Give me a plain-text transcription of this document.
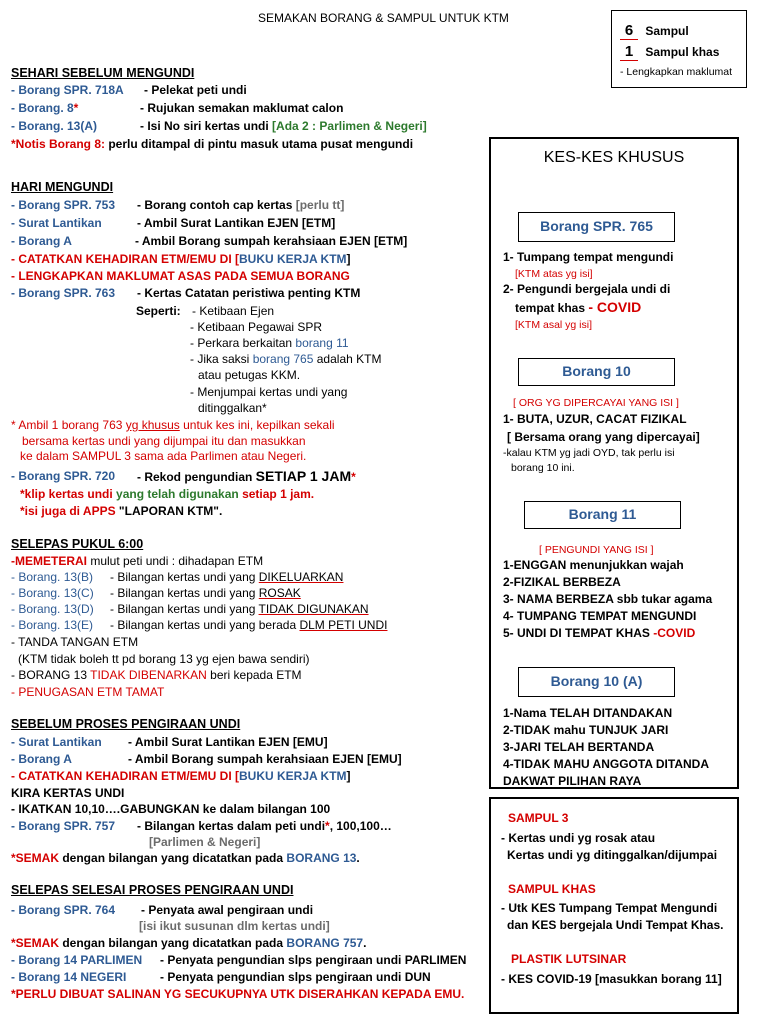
SEMAKAN BORANG & SAMPUL UNTUK KTM
6 Sampul
1 Sampul khas
- Lengkapkan maklumat
SEHARI SEBELUM MENGUNDI
- Borang SPR. 718A - Pelekat peti undi
- Borang. 8*	- Rujukan semakan maklumat calon
- Borang. 13(A)	- Isi No siri kertas undi [Ada 2 : Parlimen & Negeri]
*Notis Borang 8: perlu ditampal di pintu masuk utama pusat mengundi
HARI MENGUNDI
- Borang SPR. 753 - Borang contoh cap kertas [perlu tt]
- Surat Lantikan	- Ambil Surat Lantikan EJEN [ETM]
- Borang A	- Ambil Borang sumpah kerahsiaan EJEN [ETM]
- CATATKAN KEHADIRAN ETM/EMU DI [BUKU KERJA KTM]
- LENGKAPKAN MAKLUMAT ASAS PADA SEMUA BORANG
- Borang SPR. 763 - Kertas Catatan peristiwa penting KTM
Seperti: - Ketibaan Ejen
- Ketibaan Pegawai SPR
- Perkara berkaitan borang 11
- Jika saksi borang 765 adalah KTM
atau petugas KKM.
- Menjumpai kertas undi yang
ditinggalkan*
* Ambil 1 borang 763 yg khusus untuk kes ini, kepilkan sekali
bersama kertas undi yang dijumpai itu dan masukkan
ke dalam SAMPUL 3 sama ada Parlimen atau Negeri.
- Borang SPR. 720 - Rekod pengundian SETIAP 1 JAM*
*klip kertas undi yang telah digunakan setiap 1 jam.
*isi juga di APPS "LAPORAN KTM".
SELEPAS PUKUL 6:00
-MEMETERAI mulut peti undi : dihadapan ETM
- Borang. 13(B) - Bilangan kertas undi yang DIKELUARKAN
- Borang. 13(C) - Bilangan kertas undi yang ROSAK
- Borang. 13(D) - Bilangan kertas undi yang TIDAK DIGUNAKAN
- Borang. 13(E) - Bilangan kertas undi yang berada DLM PETI UNDI
- TANDA TANGAN ETM
(KTM tidak boleh tt pd borang 13 yg ejen bawa sendiri)
- BORANG 13 TIDAK DIBENARKAN beri kepada ETM
- PENUGASAN ETM TAMAT
SEBELUM PROSES PENGIRAAN UNDI
- Surat Lantikan - Ambil Surat Lantikan EJEN [EMU]
- Borang A	- Ambil Borang sumpah kerahsiaan EJEN [EMU]
- CATATKAN KEHADIRAN ETM/EMU DI [BUKU KERJA KTM]
KIRA KERTAS UNDI
- IKATKAN 10,10….GABUNGKAN ke dalam bilangan 100
- Borang SPR. 757 - Bilangan kertas dalam peti undi*, 100,100…
[Parlimen & Negeri]
*SEMAK dengan bilangan yang dicatatkan pada BORANG 13.
SELEPAS SELESAI PROSES PENGIRAAN UNDI
- Borang SPR. 764 - Penyata awal pengiraan undi
[isi ikut susunan dlm kertas undi]
*SEMAK dengan bilangan yang dicatatkan pada BORANG 757.
- Borang 14 PARLIMEN - Penyata pengundian slps pengiraan undi PARLIMEN
- Borang 14 NEGERI	- Penyata pengundian slps pengiraan undi DUN
*PERLU DIBUAT SALINAN YG SECUKUPNYA UTK DISERAHKAN KEPADA EMU.
KES-KES KHUSUS
Borang SPR. 765
1- Tumpang tempat mengundi
[KTM atas yg isi]
2- Pengundi bergejala undi di
tempat khas - COVID
[KTM asal yg isi]
Borang 10
[ ORG YG DIPERCAYAI YANG ISI ]
1- BUTA, UZUR, CACAT FIZIKAL
[ Bersama orang yang dipercayai]
-kalau KTM yg jadi OYD, tak perlu isi
borang 10 ini.
Borang 11
[ PENGUNDI YANG ISI ]
1-ENGGAN menunjukkan wajah
2-FIZIKAL BERBEZA
3- NAMA BERBEZA sbb tukar agama
4- TUMPANG TEMPAT MENGUNDI
5- UNDI DI TEMPAT KHAS -COVID
Borang 10 (A)
1-Nama TELAH DITANDAKAN
2-TIDAK mahu TUNJUK JARI
3-JARI TELAH BERTANDA
4-TIDAK MAHU ANGGOTA DITANDA
DAKWAT PILIHAN RAYA
SAMPUL 3
- Kertas undi yg rosak atau
Kertas undi yg ditinggalkan/dijumpai
SAMPUL KHAS
- Utk KES Tumpang Tempat Mengundi
dan KES bergejala Undi Tempat Khas.
PLASTIK LUTSINAR
- KES COVID-19 [masukkan borang 11]
